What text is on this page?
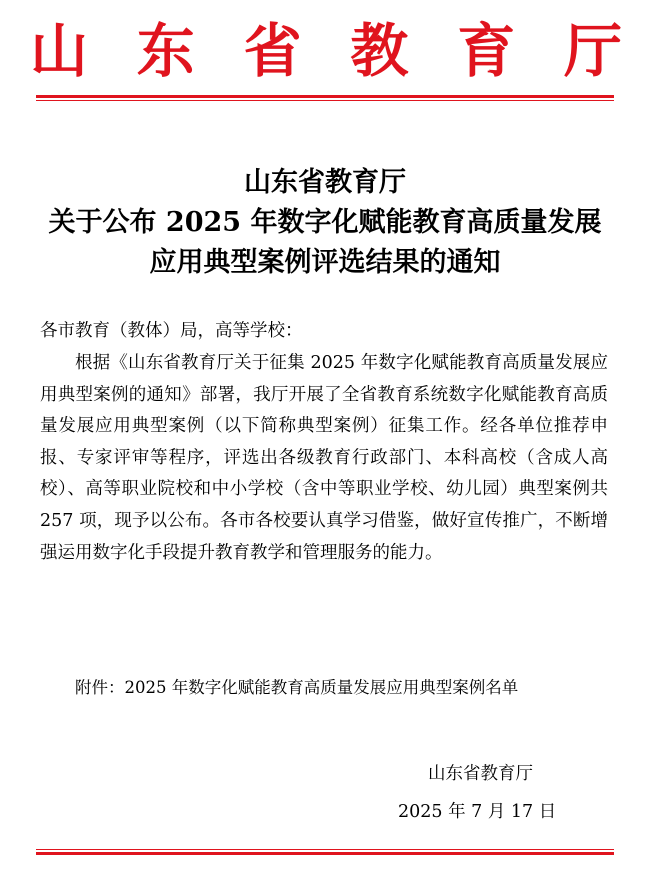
山 东 省 教 育 厅
山东省教育厅
关于公布 2025 年数字化赋能教育高质量发展
应用典型案例评选结果的通知
各市教育（教体）局，高等学校：

根据《山东省教育厅关于征集 2025 年数字化赋能教育高质量发展应用典型案例的通知》部署，我厅开展了全省教育系统数字化赋能教育高质量发展应用典型案例（以下简称典型案例）征集工作。经各单位推荐申报、专家评审等程序，评选出各级教育行政部门、本科高校（含成人高校）、高等职业院校和中小学校（含中等职业学校、幼儿园）典型案例共 257 项，现予以公布。各市各校要认真学习借鉴，做好宣传推广，不断增强运用数字化手段提升教育教学和管理服务的能力。

附件：2025 年数字化赋能教育高质量发展应用典型案例名单
山东省教育厅
2025 年 7 月 17 日
